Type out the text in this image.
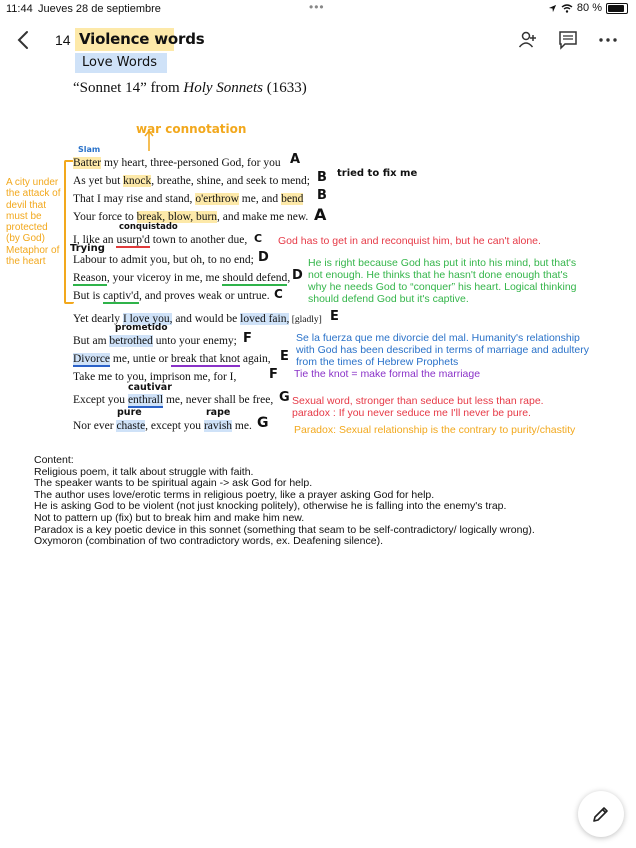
11:44 Jueves 28 de septiembre	•••	80 %
14 Violence words
Love Words
“Sonnet 14” from Holy Sonnets (1633)
war connotation
Slam
A city under the attack of devil that must be protected (by God) Metaphor of the heart
Batter my heart, three-personed God, for you A
As yet but knock, breathe, shine, and seek to mend; B tried to fix me
That I may rise and stand, o'erthrow me, and bend B
Your force to break, blow, burn, and make me new. A
conquistado
I, like an usurp'd town to another due, C God has to get in and reconquist him, but he can't alone.
Trying
Labour to admit you, but oh, to no end; D
Reason, your viceroy in me, me should defend, D
He is right because God has put it into his mind, but that's not enough. He thinks that he hasn't done enough that's why he needs God to “conquer” his heart. Logical thinking should defend God but it's captive.
But is captiv'd, and proves weak or untrue. C
Yet dearly I love you, and would be loved fain, [gladly] E
prometido
But am betrothed unto your enemy; F	Se la fuerza que me divorcie del mal. Humanity's relationship with God has been described in terms of marriage and adultery from the times of Hebrew Prophets
Divorce me, untie or break that knot again, E
Take me to you, imprison me, for I,	F Tie the knot = make formal the marriage
cautivar
Except you enthrall me, never shall be free, G Sexual word, stronger than seduce but less than rape.
paradox : If you never seduce me I'll never be pure.
pure	rape
Nor ever chaste, except you ravish me. G Paradox: Sexual relationship is the contrary to purity/chastity
Content:
Religious poem, it talk about struggle with faith.
The speaker wants to be spiritual again -> ask God for help.
The author uses love/erotic terms in religious poetry, like a prayer asking God for help.
He is asking God to be violent (not just knocking politely), otherwise he is falling into the enemy's trap.
Not to pattern up (fix) but to break him and make him new.
Paradox is a key poetic device in this sonnet (something that seam to be self-contradictory/ logically wrong).
Oxymoron (combination of two contradictory words, ex. Deafening silence).
